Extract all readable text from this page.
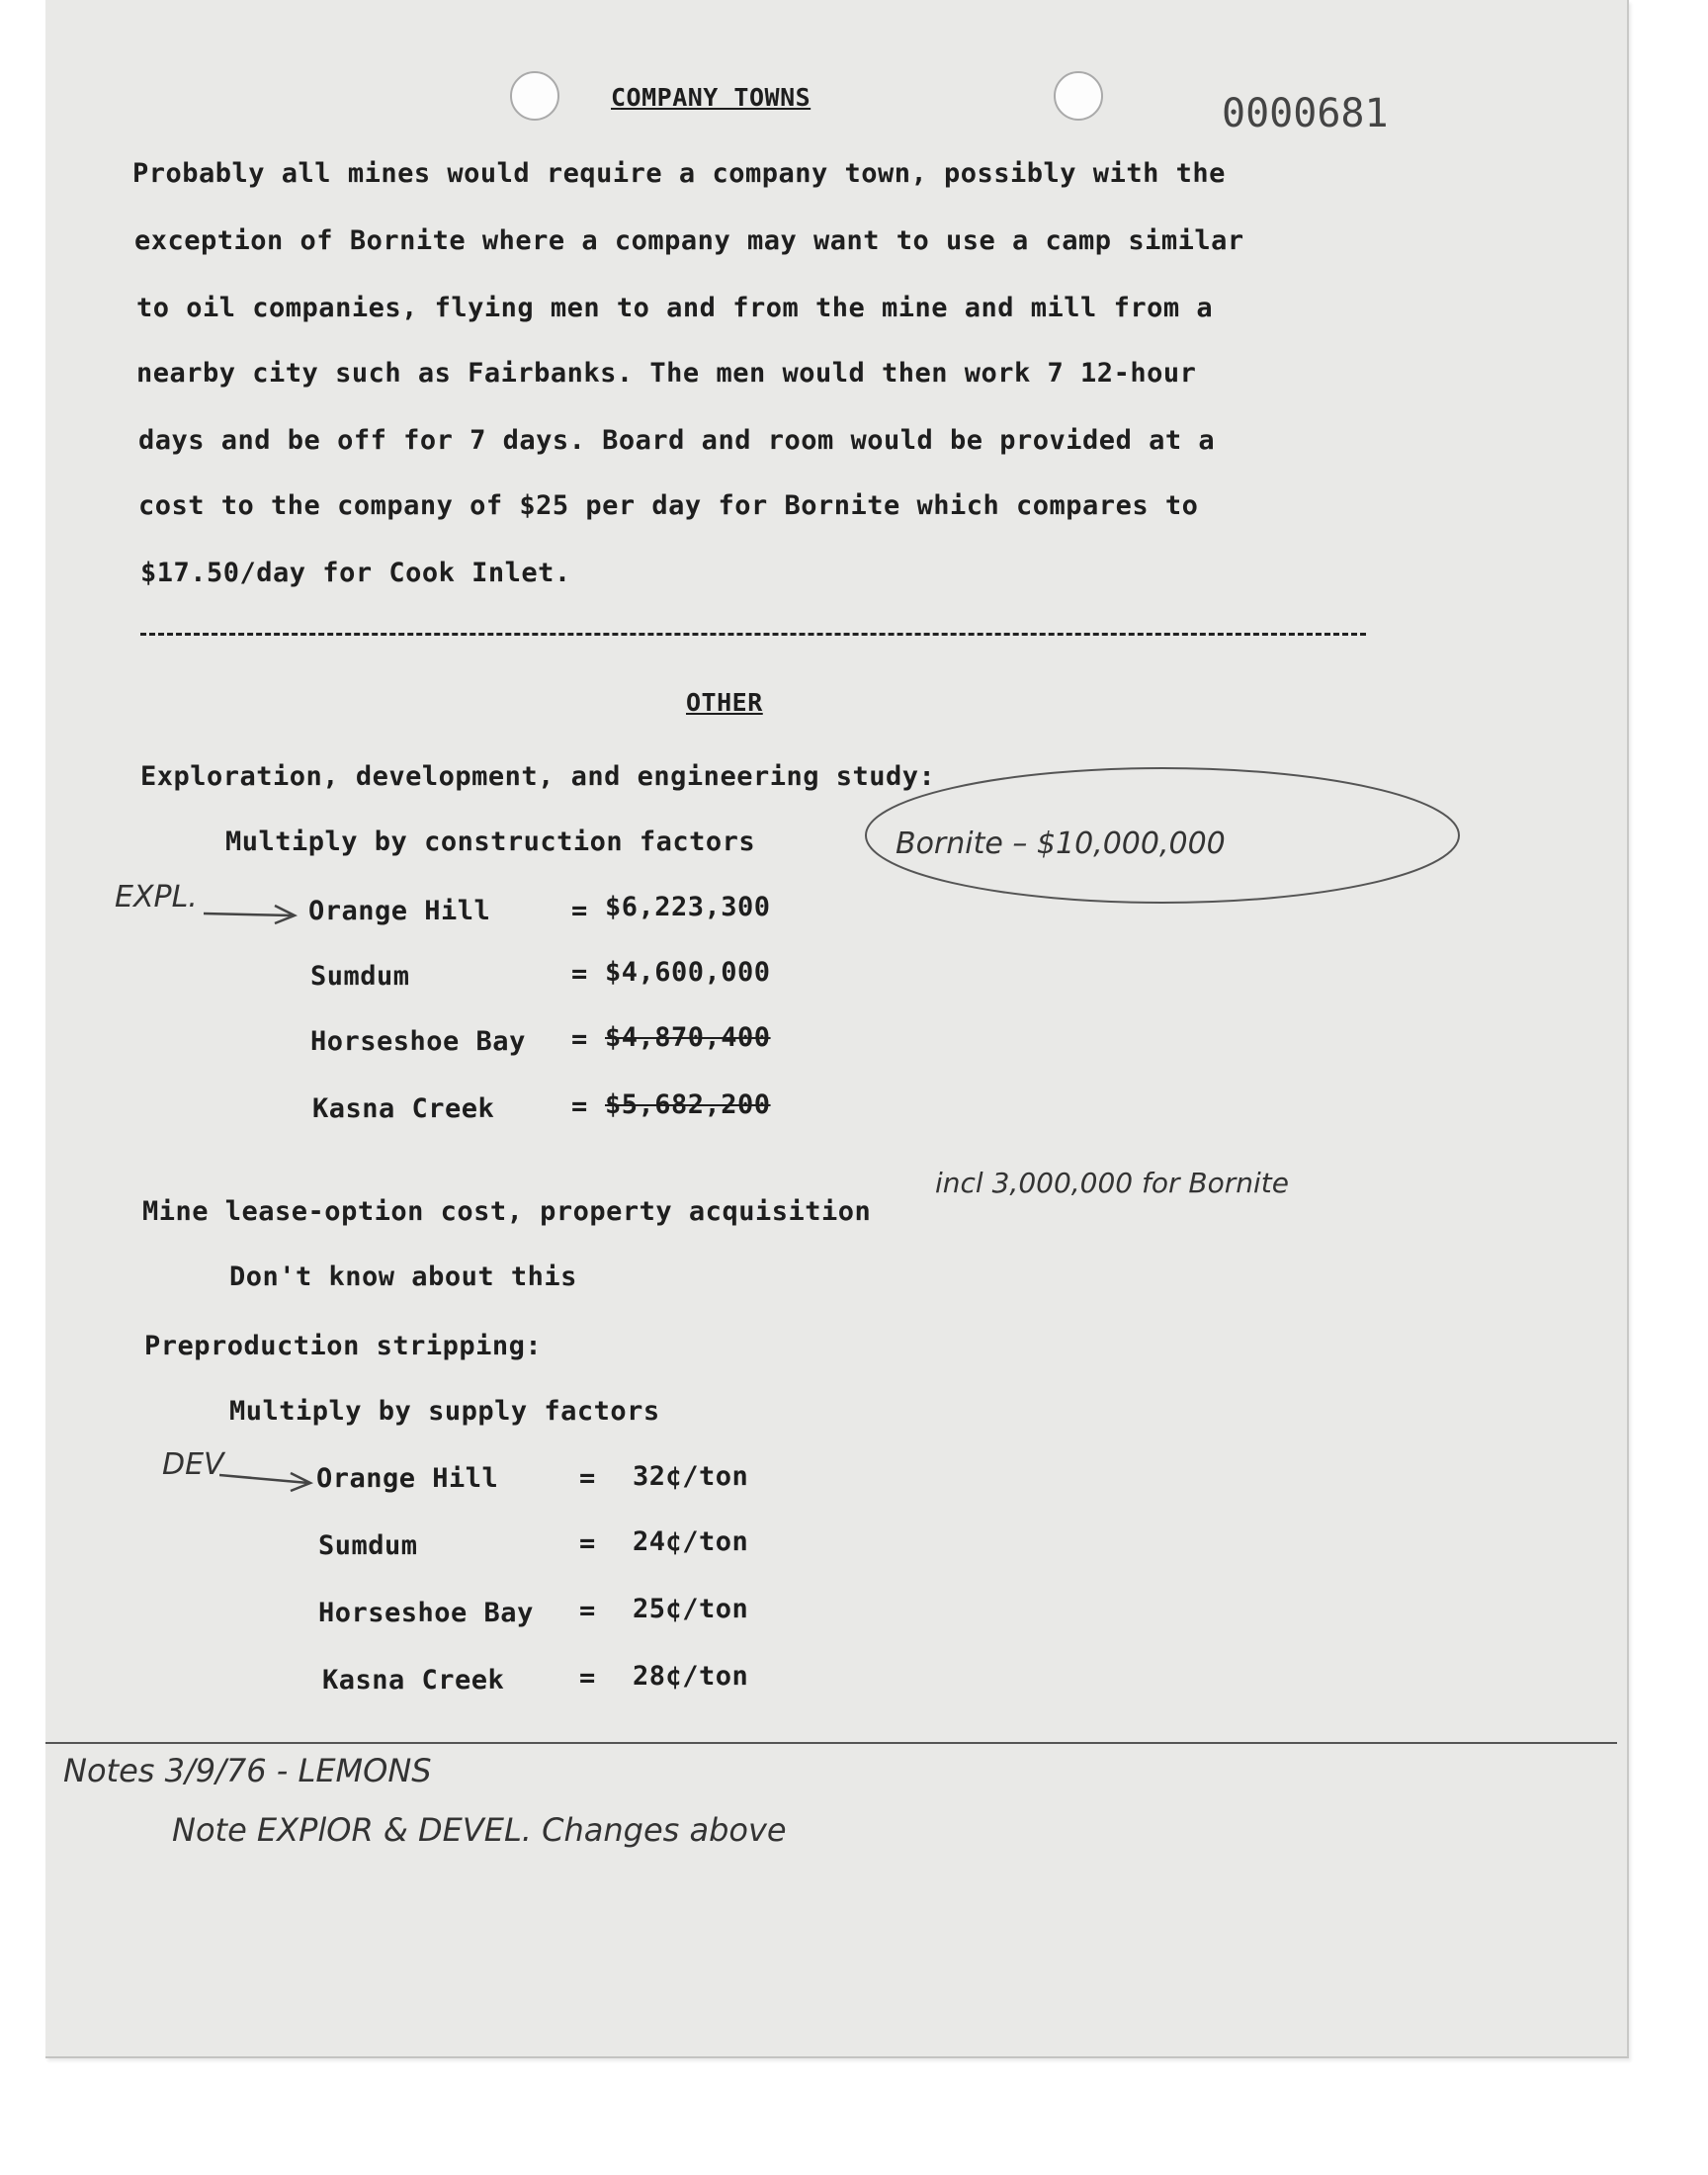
COMPANY TOWNS	0000681
Probably all mines would require a company town, possibly with the
exception of Bornite where a company may want to use a camp similar
to oil companies, flying men to and from the mine and mill from a
nearby city such as Fairbanks. The men would then work 7 12-hour
days and be off for 7 days. Board and room would be provided at a
cost to the company of $25 per day for Bornite which compares to
$17.50/day for Cook Inlet.
OTHER
Exploration, development, and engineering study:
Multiply by construction factors
EXPL.	Orange Hill	= $6,223,300
Sumdum	= $4,600,000
Horseshoe Bay = $4,870,400
Kasna Creek	= $5,682,200
Bornite – $10,000,000
Mine lease-option cost, property acquisition
Don't know about this
incl 3,000,000 for Bornite
Preproduction stripping:
Multiply by supply factors
DEV	Orange Hill	= 32¢/ton
Sumdum	= 24¢/ton
Horseshoe Bay = 25¢/ton
Kasna Creek	= 28¢/ton
Notes 3/9/76 - LEMONS
Note EXPlOR & DEVEL. Changes above
